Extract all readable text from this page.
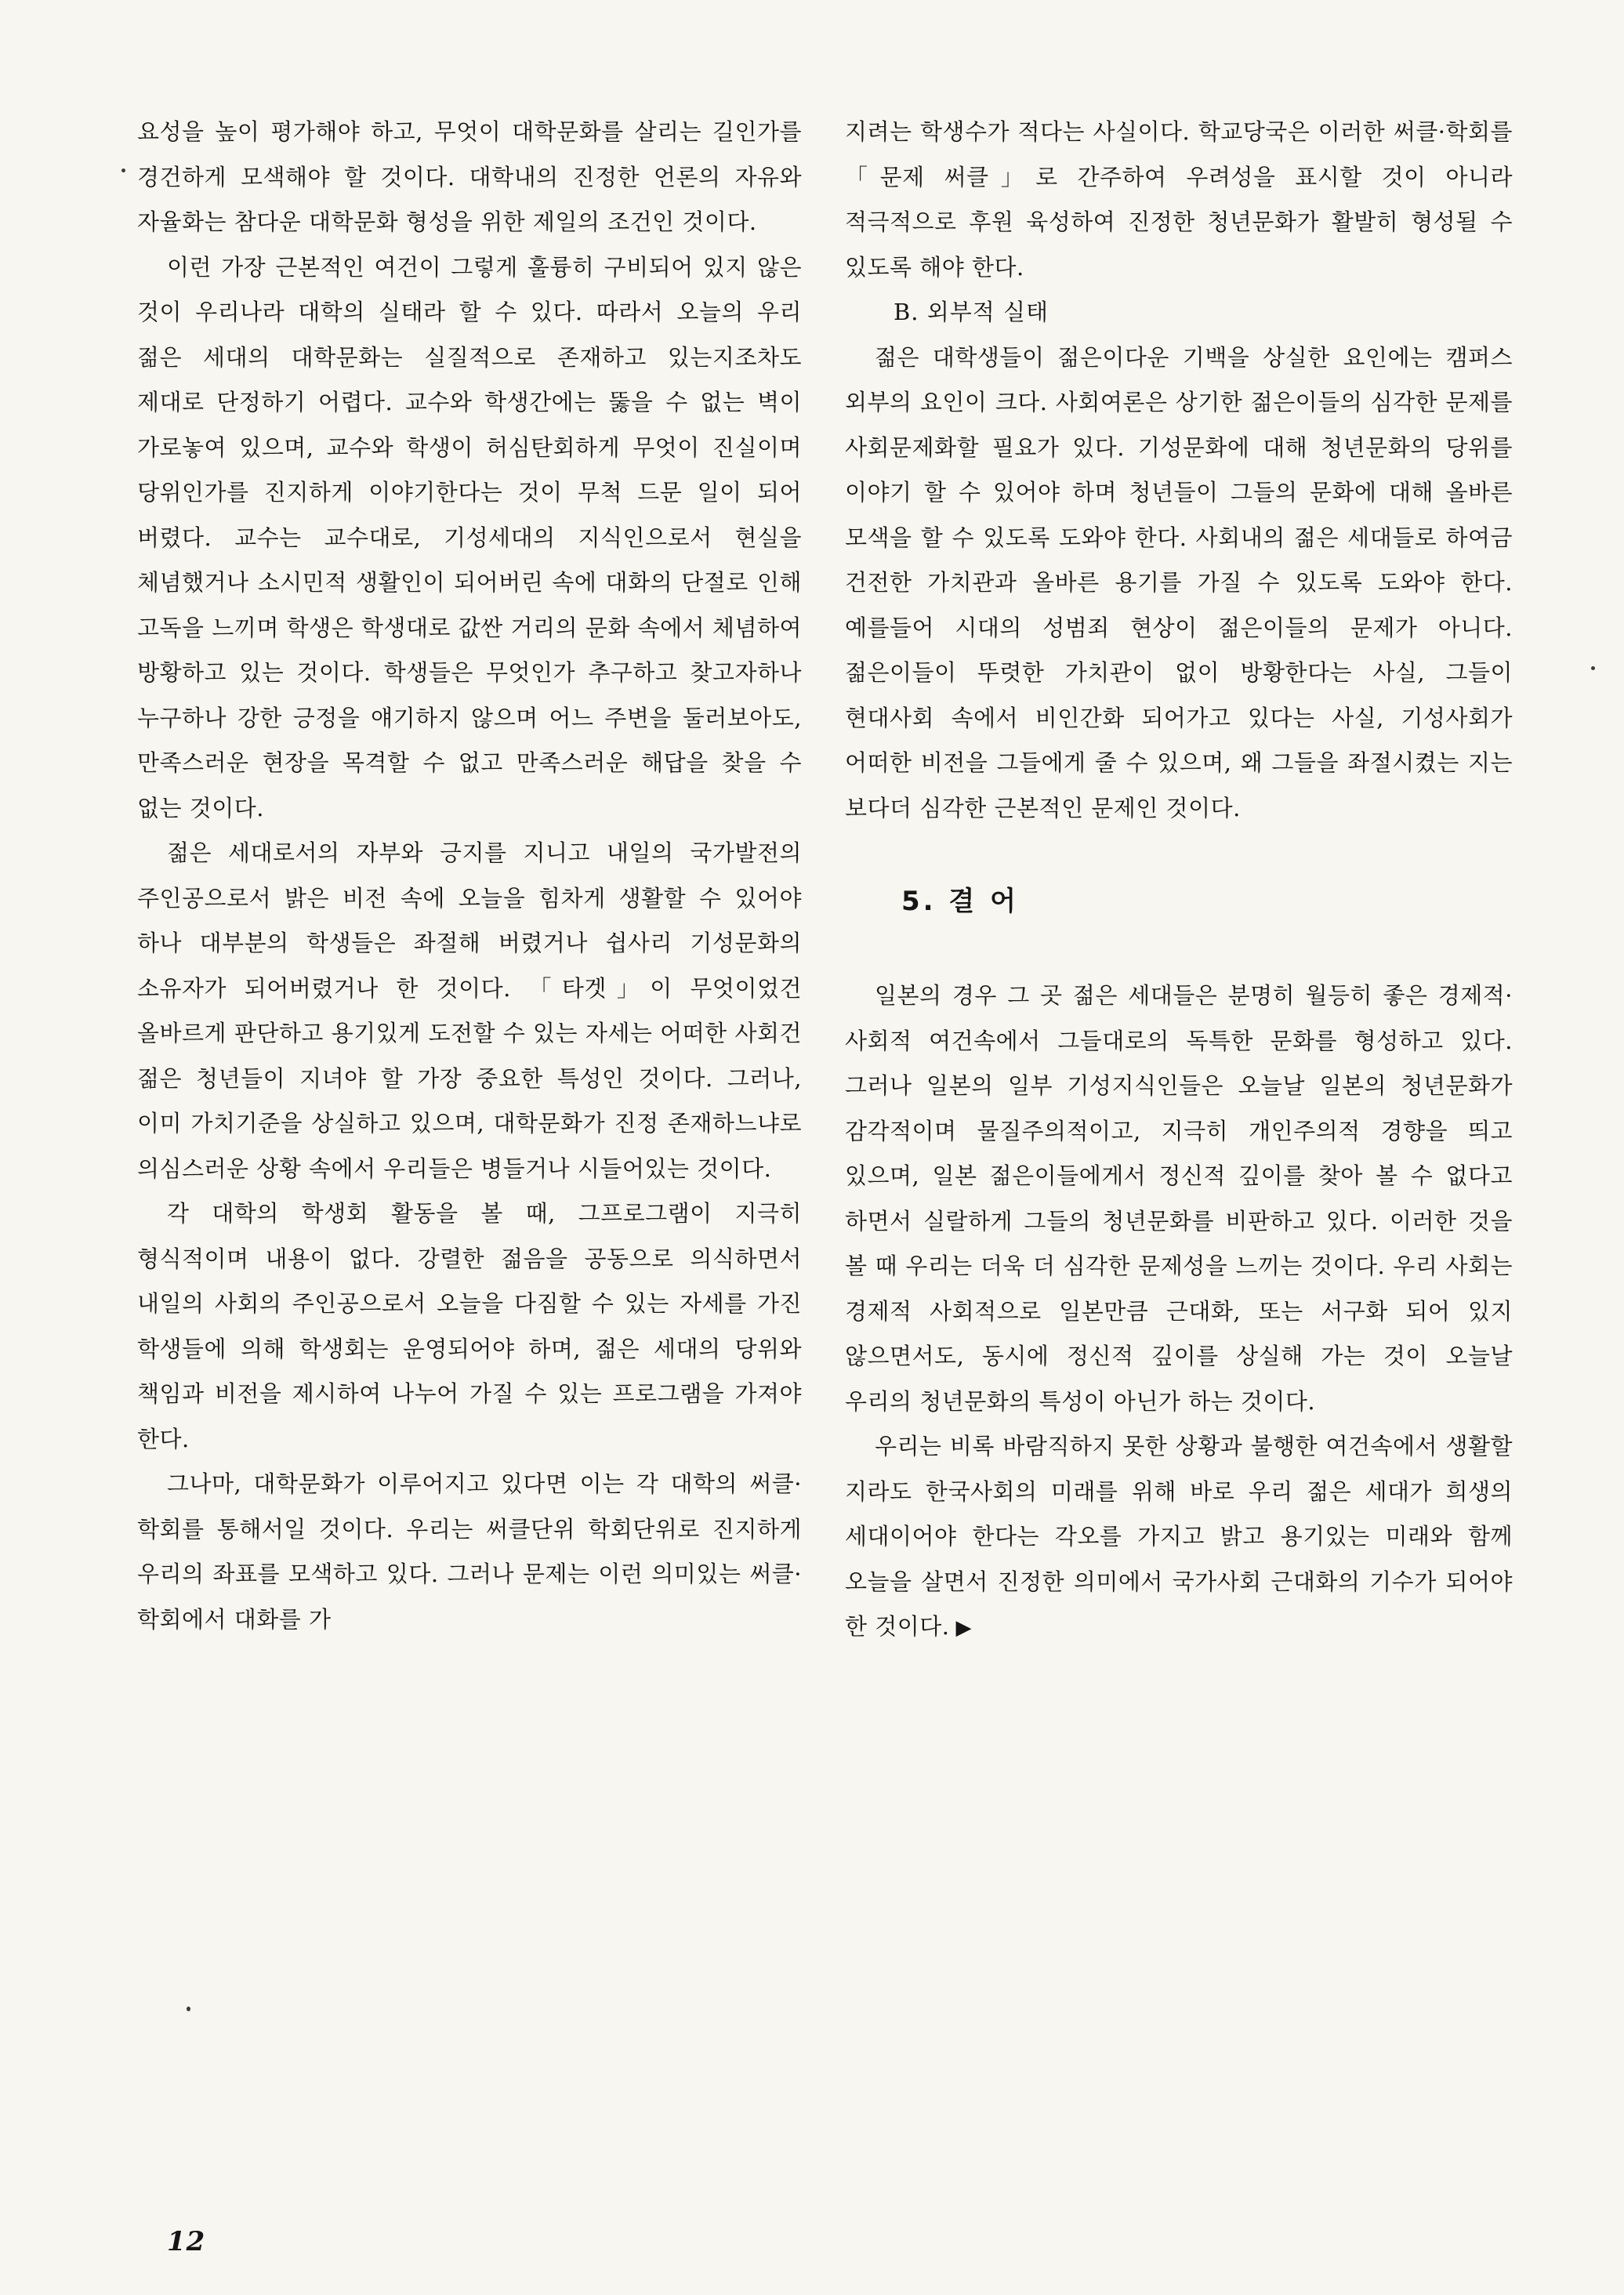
요성을 높이 평가해야 하고, 무엇이 대학문화를 살리는 길인가를 경건하게 모색해야 할 것이다. 대학내의 진정한 언론의 자유와 자율화는 참다운 대학문화 형성을 위한 제일의 조건인 것이다.

이런 가장 근본적인 여건이 그렇게 훌륭히 구비되어 있지 않은 것이 우리나라 대학의 실태라 할 수 있다. 따라서 오늘의 우리 젊은 세대의 대학문화는 실질적으로 존재하고 있는지조차도 제대로 단정하기 어렵다. 교수와 학생간에는 뚫을 수 없는 벽이 가로놓여 있으며, 교수와 학생이 허심탄회하게 무엇이 진실이며 당위인가를 진지하게 이야기한다는 것이 무척 드문 일이 되어 버렸다. 교수는 교수대로, 기성세대의 지식인으로서 현실을 체념했거나 소시민적 생활인이 되어버린 속에 대화의 단절로 인해 고독을 느끼며 학생은 학생대로 값싼 거리의 문화 속에서 체념하여 방황하고 있는 것이다. 학생들은 무엇인가 추구하고 찾고자하나 누구하나 강한 긍정을 얘기하지 않으며 어느 주변을 둘러보아도, 만족스러운 현장을 목격할 수 없고 만족스러운 해답을 찾을 수 없는 것이다.

젊은 세대로서의 자부와 긍지를 지니고 내일의 국가발전의 주인공으로서 밝은 비전 속에 오늘을 힘차게 생활할 수 있어야 하나 대부분의 학생들은 좌절해 버렸거나 쉽사리 기성문화의 소유자가 되어버렸거나 한 것이다. 「타겟」이 무엇이었건 올바르게 판단하고 용기있게 도전할 수 있는 자세는 어떠한 사회건 젊은 청년들이 지녀야 할 가장 중요한 특성인 것이다. 그러나, 이미 가치기준을 상실하고 있으며, 대학문화가 진정 존재하느냐로 의심스러운 상황 속에서 우리들은 병들거나 시들어있는 것이다.

각 대학의 학생회 활동을 볼 때, 그프로그램이 지극히 형식적이며 내용이 없다. 강렬한 젊음을 공동으로 의식하면서 내일의 사회의 주인공으로서 오늘을 다짐할 수 있는 자세를 가진 학생들에 의해 학생회는 운영되어야 하며, 젊은 세대의 당위와 책임과 비전을 제시하여 나누어 가질 수 있는 프로그램을 가져야 한다.

그나마, 대학문화가 이루어지고 있다면 이는 각 대학의 써클·학회를 통해서일 것이다. 우리는 써클단위 학회단위로 진지하게 우리의 좌표를 모색하고 있다. 그러나 문제는 이런 의미있는 써클·학회에서 대화를 가

지려는 학생수가 적다는 사실이다. 학교당국은 이러한 써클·학회를 「문제 써클」로 간주하여 우려성을 표시할 것이 아니라 적극적으로 후원 육성하여 진정한 청년문화가 활발히 형성될 수 있도록 해야 한다.

B. 외부적 실태

젊은 대학생들이 젊은이다운 기백을 상실한 요인에는 캠퍼스 외부의 요인이 크다. 사회여론은 상기한 젊은이들의 심각한 문제를 사회문제화할 필요가 있다. 기성문화에 대해 청년문화의 당위를 이야기 할 수 있어야 하며 청년들이 그들의 문화에 대해 올바른 모색을 할 수 있도록 도와야 한다. 사회내의 젊은 세대들로 하여금 건전한 가치관과 올바른 용기를 가질 수 있도록 도와야 한다. 예를들어 시대의 성범죄 현상이 젊은이들의 문제가 아니다. 젊은이들이 뚜렷한 가치관이 없이 방황한다는 사실, 그들이 현대사회 속에서 비인간화 되어가고 있다는 사실, 기성사회가 어떠한 비전을 그들에게 줄 수 있으며, 왜 그들을 좌절시켰는 지는 보다더 심각한 근본적인 문제인 것이다.

5. 결 어

일본의 경우 그 곳 젊은 세대들은 분명히 월등히 좋은 경제적·사회적 여건속에서 그들대로의 독특한 문화를 형성하고 있다. 그러나 일본의 일부 기성지식인들은 오늘날 일본의 청년문화가 감각적이며 물질주의적이고, 지극히 개인주의적 경향을 띄고 있으며, 일본 젊은이들에게서 정신적 깊이를 찾아 볼 수 없다고 하면서 실랄하게 그들의 청년문화를 비판하고 있다. 이러한 것을 볼 때 우리는 더욱 더 심각한 문제성을 느끼는 것이다. 우리 사회는 경제적 사회적으로 일본만큼 근대화, 또는 서구화 되어 있지 않으면서도, 동시에 정신적 깊이를 상실해 가는 것이 오늘날 우리의 청년문화의 특성이 아닌가 하는 것이다.

우리는 비록 바람직하지 못한 상황과 불행한 여건속에서 생활할 지라도 한국사회의 미래를 위해 바로 우리 젊은 세대가 희생의 세대이어야 한다는 각오를 가지고 밝고 용기있는 미래와 함께 오늘을 살면서 진정한 의미에서 국가사회 근대화의 기수가 되어야 한 것이다. ▶

12
